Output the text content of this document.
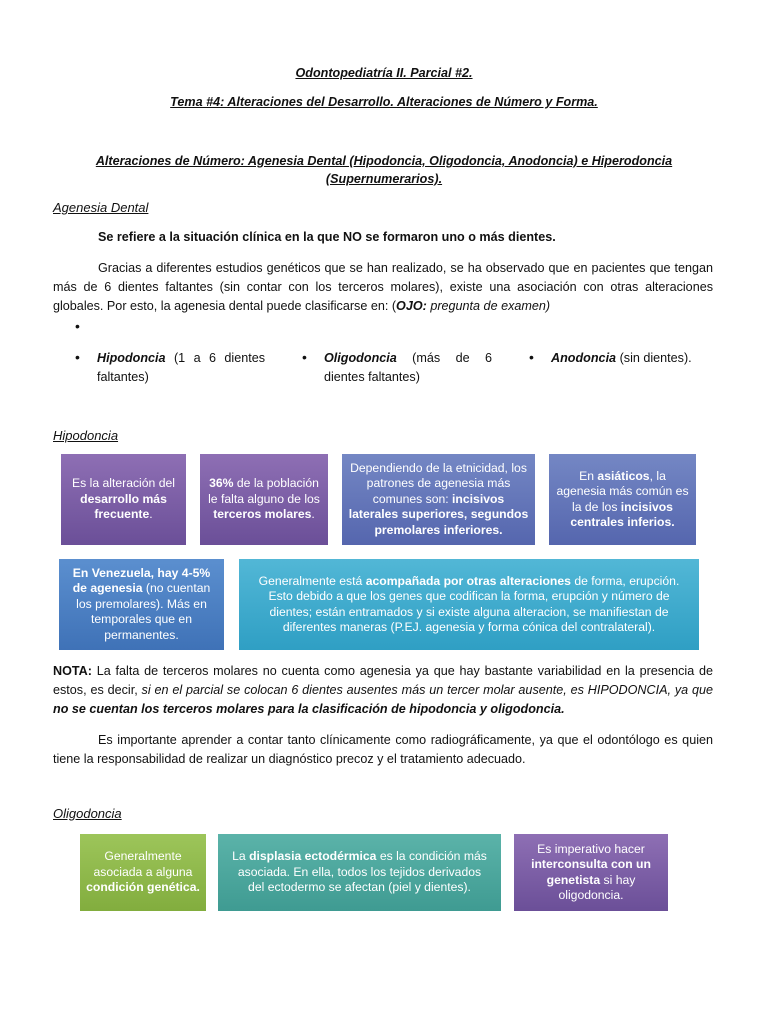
Odontopediatría II. Parcial #2.
Tema #4: Alteraciones del Desarrollo. Alteraciones de Número y Forma.
Alteraciones de Número: Agenesia Dental (Hipodoncia, Oligodoncia, Anodoncia) e Hiperodoncia
(Supernumerarios).
Agenesia Dental
Se refiere a la situación clínica en la que NO se formaron uno o más dientes.
Gracias a diferentes estudios genéticos que se han realizado, se ha observado que en pacientes que tengan más de 6 dientes faltantes (sin contar con los terceros molares), existe una asociación con otras alteraciones globales. Por esto, la agenesia dental puede clasificarse en: (OJO: pregunta de examen)
•
•	Hipodoncia (1 a 6 dientes faltantes)
•	Oligodoncia (más de 6 dientes faltantes)
•	Anodoncia (sin dientes).
Hipodoncia
Es la alteración del desarrollo más frecuente.
36% de la población le falta alguno de los terceros molares.
Dependiendo de la etnicidad, los patrones de agenesia más comunes son: incisivos laterales superiores, segundos premolares inferiores.
En asiáticos, la agenesia más común es la de los incisivos centrales inferios.
En Venezuela, hay 4-5% de agenesia (no cuentan los premolares). Más en temporales que en permanentes.
Generalmente está acompañada por otras alteraciones de forma, erupción. Esto debido a que los genes que codifican la forma, erupción y número de dientes; están entramados y si existe alguna alteracion, se manifiestan de diferentes maneras (P.EJ. agenesia y forma cónica del contralateral).
NOTA: La falta de terceros molares no cuenta como agenesia ya que hay bastante variabilidad en la presencia de estos, es decir, si en el parcial se colocan 6 dientes ausentes más un tercer molar ausente, es HIPODONCIA, ya que no se cuentan los terceros molares para la clasificación de hipodoncia y oligodoncia.
Es importante aprender a contar tanto clínicamente como radiográficamente, ya que el odontólogo es quien tiene la responsabilidad de realizar un diagnóstico precoz y el tratamiento adecuado.
Oligodoncia
Generalmente asociada a alguna condición genética.
La displasia ectodérmica es la condición más asociada. En ella, todos los tejidos derivados del ectodermo se afectan (piel y dientes).
Es imperativo hacer interconsulta con un genetista si hay oligodoncia.
